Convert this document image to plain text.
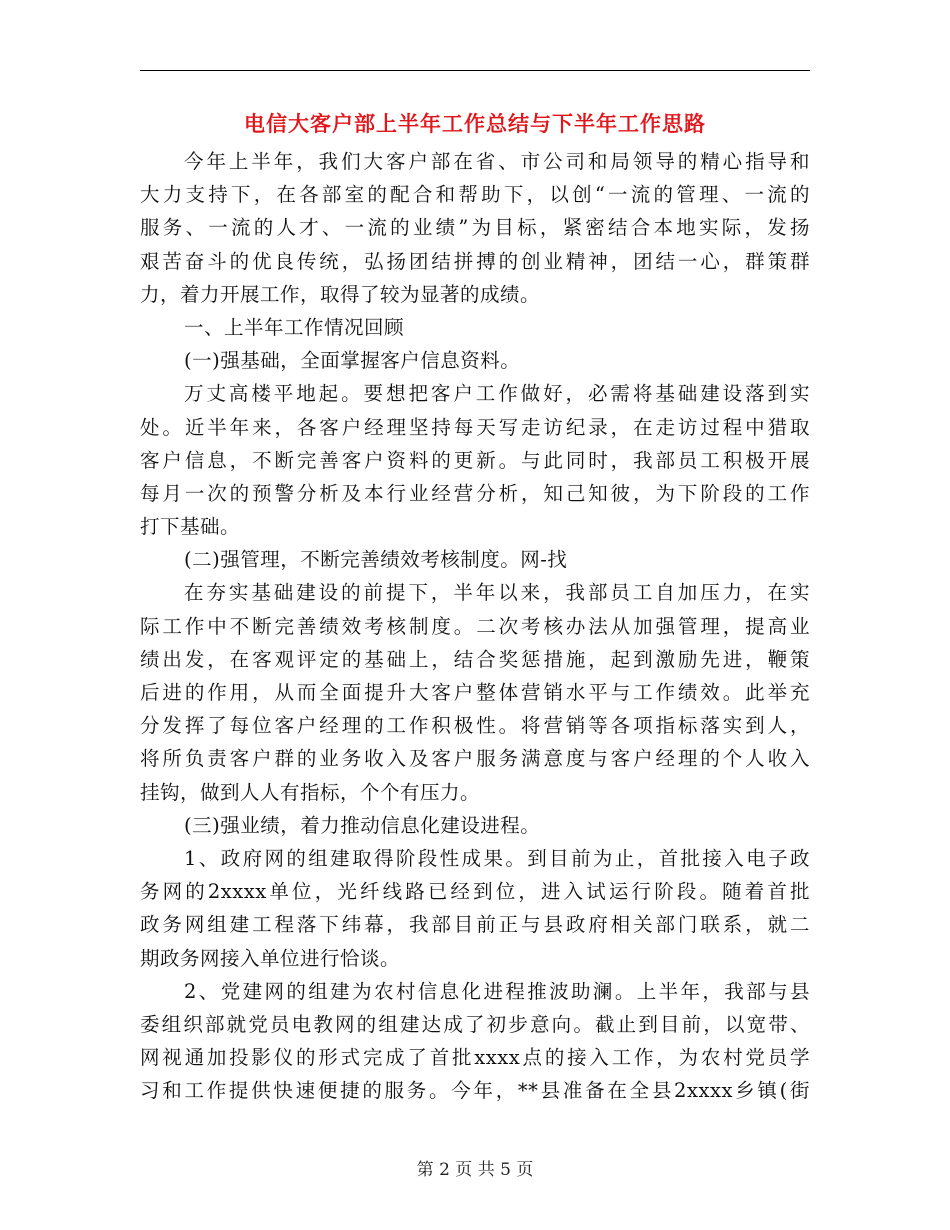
电信大客户部上半年工作总结与下半年工作思路
今年上半年，我们大客户部在省、市公司和局领导的精心指导和
大力支持下，在各部室的配合和帮助下，以创“一流的管理、一流的
服务、一流的人才、一流的业绩”为目标，紧密结合本地实际，发扬
艰苦奋斗的优良传统，弘扬团结拼搏的创业精神，团结一心，群策群
力，着力开展工作，取得了较为显著的成绩。
一、上半年工作情况回顾
(一)强基础，全面掌握客户信息资料。
万丈高楼平地起。要想把客户工作做好，必需将基础建设落到实
处。近半年来，各客户经理坚持每天写走访纪录，在走访过程中猎取
客户信息，不断完善客户资料的更新。与此同时，我部员工积极开展
每月一次的预警分析及本行业经营分析，知己知彼，为下阶段的工作
打下基础。
(二)强管理，不断完善绩效考核制度。网-找
在夯实基础建设的前提下，半年以来，我部员工自加压力，在实
际工作中不断完善绩效考核制度。二次考核办法从加强管理，提高业
绩出发，在客观评定的基础上，结合奖惩措施，起到激励先进，鞭策
后进的作用，从而全面提升大客户整体营销水平与工作绩效。此举充
分发挥了每位客户经理的工作积极性。将营销等各项指标落实到人，
将所负责客户群的业务收入及客户服务满意度与客户经理的个人收入
挂钩，做到人人有指标，个个有压力。
(三)强业绩，着力推动信息化建设进程。
1、政府网的组建取得阶段性成果。到目前为止，首批接入电子政
务网的2xxxx单位，光纤线路已经到位，进入试运行阶段。随着首批
政务网组建工程落下纬幕，我部目前正与县政府相关部门联系，就二
期政务网接入单位进行恰谈。
2、党建网的组建为农村信息化进程推波助澜。上半年，我部与县
委组织部就党员电教网的组建达成了初步意向。截止到目前，以宽带、
网视通加投影仪的形式完成了首批xxxx点的接入工作，为农村党员学
习和工作提供快速便捷的服务。今年，**县准备在全县2xxxx乡镇(街
第 2 页 共 5 页
